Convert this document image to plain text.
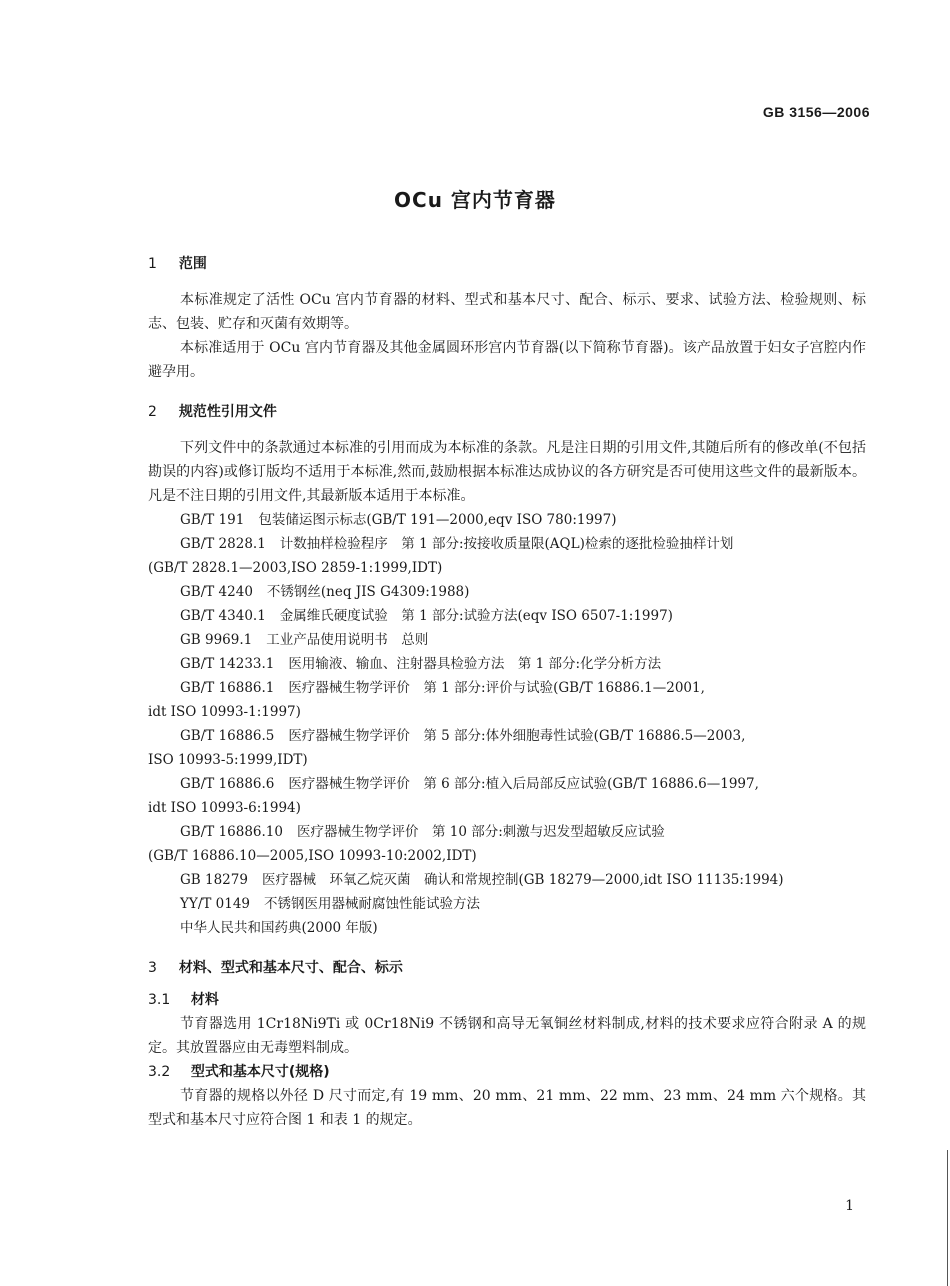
GB 3156—2006
OCu 宫内节育器
1 范围
本标准规定了活性 OCu 宫内节育器的材料、型式和基本尺寸、配合、标示、要求、试验方法、检验规则、标志、包装、贮存和灭菌有效期等。
本标准适用于 OCu 宫内节育器及其他金属圆环形宫内节育器(以下简称节育器)。该产品放置于妇女子宫腔内作避孕用。
2 规范性引用文件
下列文件中的条款通过本标准的引用而成为本标准的条款。凡是注日期的引用文件,其随后所有的修改单(不包括勘误的内容)或修订版均不适用于本标准,然而,鼓励根据本标准达成协议的各方研究是否可使用这些文件的最新版本。凡是不注日期的引用文件,其最新版本适用于本标准。
GB/T 191 包装储运图示标志(GB/T 191—2000,eqv ISO 780:1997)
GB/T 2828.1 计数抽样检验程序　第 1 部分:按接收质量限(AQL)检索的逐批检验抽样计划
(GB/T 2828.1—2003,ISO 2859-1:1999,IDT)
GB/T 4240 不锈钢丝(neq JIS G4309:1988)
GB/T 4340.1 金属维氏硬度试验　第 1 部分:试验方法(eqv ISO 6507-1:1997)
GB 9969.1 工业产品使用说明书　总则
GB/T 14233.1 医用输液、输血、注射器具检验方法　第 1 部分:化学分析方法
GB/T 16886.1 医疗器械生物学评价　第 1 部分:评价与试验(GB/T 16886.1—2001,
idt ISO 10993-1:1997)
GB/T 16886.5 医疗器械生物学评价　第 5 部分:体外细胞毒性试验(GB/T 16886.5—2003,
ISO 10993-5:1999,IDT)
GB/T 16886.6 医疗器械生物学评价　第 6 部分:植入后局部反应试验(GB/T 16886.6—1997,
idt ISO 10993-6:1994)
GB/T 16886.10 医疗器械生物学评价　第 10 部分:刺激与迟发型超敏反应试验
(GB/T 16886.10—2005,ISO 10993-10:2002,IDT)
GB 18279 医疗器械　环氧乙烷灭菌　确认和常规控制(GB 18279—2000,idt ISO 11135:1994)
YY/T 0149 不锈钢医用器械耐腐蚀性能试验方法
中华人民共和国药典(2000 年版)
3 材料、型式和基本尺寸、配合、标示
3.1 材料
节育器选用 1Cr18Ni9Ti 或 0Cr18Ni9 不锈钢和高导无氧铜丝材料制成,材料的技术要求应符合附录 A 的规定。其放置器应由无毒塑料制成。
3.2 型式和基本尺寸(规格)
节育器的规格以外径 D 尺寸而定,有 19 mm、20 mm、21 mm、22 mm、23 mm、24 mm 六个规格。其型式和基本尺寸应符合图 1 和表 1 的规定。
1
